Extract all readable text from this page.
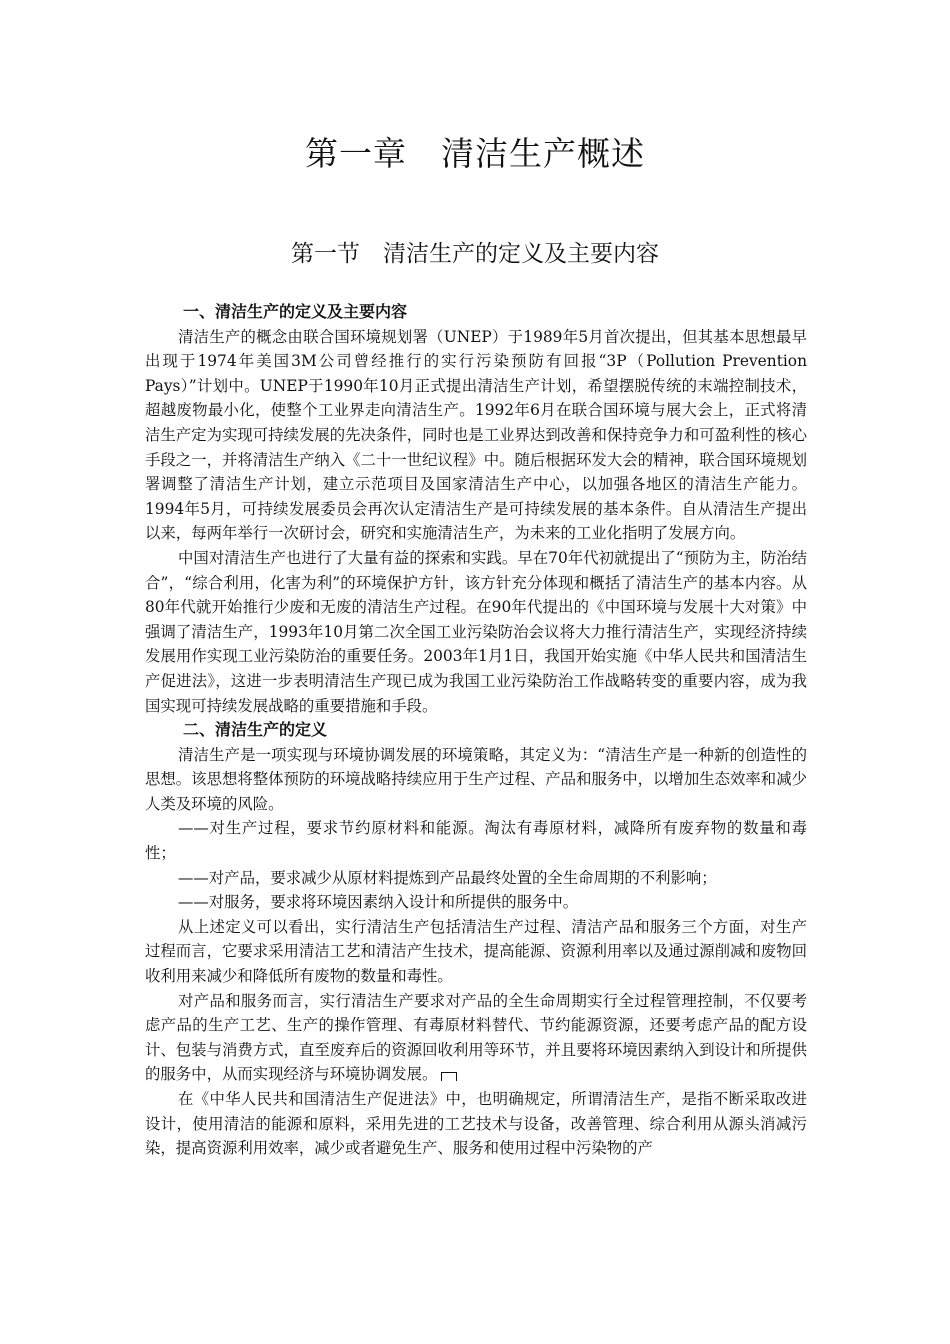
第一章　清洁生产概述
第一节　清洁生产的定义及主要内容

一、清洁生产的定义及主要内容

清洁生产的概念由联合国环境规划署（UNEP）于1989年5月首次提出，但其基本思想最早出现于1974年美国3M公司曾经推行的实行污染预防有回报“3P（Pollution Prevention Pays）”计划中。UNEP于1990年10月正式提出清洁生产计划，希望摆脱传统的末端控制技术，超越废物最小化，使整个工业界走向清洁生产。1992年6月在联合国环境与展大会上，正式将清洁生产定为实现可持续发展的先决条件，同时也是工业界达到改善和保持竞争力和可盈利性的核心手段之一，并将清洁生产纳入《二十一世纪议程》中。随后根据环发大会的精神，联合国环境规划署调整了清洁生产计划，建立示范项目及国家清洁生产中心，以加强各地区的清洁生产能力。1994年5月，可持续发展委员会再次认定清洁生产是可持续发展的基本条件。自从清洁生产提出以来，每两年举行一次研讨会，研究和实施清洁生产，为未来的工业化指明了发展方向。

中国对清洁生产也进行了大量有益的探索和实践。早在70年代初就提出了“预防为主，防治结合”，“综合利用，化害为利”的环境保护方针，该方针充分体现和概括了清洁生产的基本内容。从80年代就开始推行少废和无废的清洁生产过程。在90年代提出的《中国环境与发展十大对策》中强调了清洁生产，1993年10月第二次全国工业污染防治会议将大力推行清洁生产，实现经济持续发展用作实现工业污染防治的重要任务。2003年1月1日，我国开始实施《中华人民共和国清洁生产促进法》，这进一步表明清洁生产现已成为我国工业污染防治工作战略转变的重要内容，成为我国实现可持续发展战略的重要措施和手段。

二、清洁生产的定义

清洁生产是一项实现与环境协调发展的环境策略，其定义为：“清洁生产是一种新的创造性的思想。该思想将整体预防的环境战略持续应用于生产过程、产品和服务中，以增加生态效率和减少人类及环境的风险。

——对生产过程，要求节约原材料和能源。淘汰有毒原材料，减降所有废弃物的数量和毒性；

——对产品，要求减少从原材料提炼到产品最终处置的全生命周期的不利影响；

——对服务，要求将环境因素纳入设计和所提供的服务中。

从上述定义可以看出，实行清洁生产包括清洁生产过程、清洁产品和服务三个方面，对生产过程而言，它要求采用清洁工艺和清洁产生技术，提高能源、资源利用率以及通过源削减和废物回收利用来减少和降低所有废物的数量和毒性。

对产品和服务而言，实行清洁生产要求对产品的全生命周期实行全过程管理控制，不仅要考虑产品的生产工艺、生产的操作管理、有毒原材料替代、节约能源资源，还要考虑产品的配方设计、包装与消费方式，直至废弃后的资源回收利用等环节，并且要将环境因素纳入到设计和所提供的服务中，从而实现经济与环境协调发展。

在《中华人民共和国清洁生产促进法》中，也明确规定，所谓清洁生产，是指不断采取改进设计，使用清洁的能源和原料，采用先进的工艺技术与设备，改善管理、综合利用从源头消减污染，提高资源利用效率，减少或者避免生产、服务和使用过程中污染物的产
